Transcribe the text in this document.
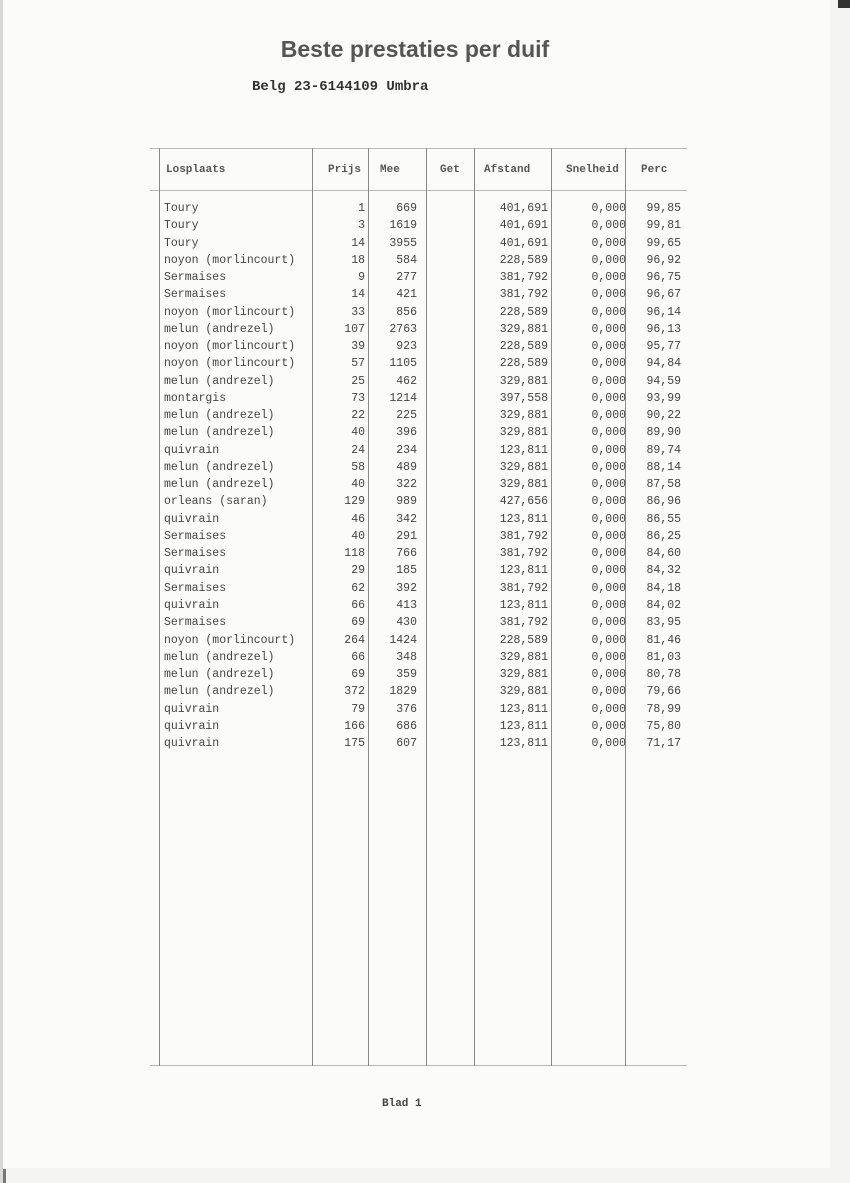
Beste prestaties per duif
Belg 23-6144109 Umbra
Losplaats	Prijs Mee	Get Afstand	Snelheid Perc
Toury	1	669	401,691	0,000 99,85
Toury	3 1619	401,691	0,000 99,81
Toury	14 3955	401,691	0,000 99,65
noyon (morlincourt)	18	584	228,589	0,000 96,92
Sermaises	9	277	381,792	0,000 96,75
Sermaises	14	421	381,792	0,000 96,67
noyon (morlincourt)	33	856	228,589	0,000 96,14
melun (andrezel)	107 2763	329,881	0,000 96,13
noyon (morlincourt)	39	923	228,589	0,000 95,77
noyon (morlincourt)	57 1105	228,589	0,000 94,84
melun (andrezel)	25	462	329,881	0,000 94,59
montargis	73 1214	397,558	0,000 93,99
melun (andrezel)	22	225	329,881	0,000 90,22
melun (andrezel)	40	396	329,881	0,000 89,90
quivrain	24	234	123,811	0,000 89,74
melun (andrezel)	58	489	329,881	0,000 88,14
melun (andrezel)	40	322	329,881	0,000 87,58
orleans (saran)	129	989	427,656	0,000 86,96
quivrain	46	342	123,811	0,000 86,55
Sermaises	40	291	381,792	0,000 86,25
Sermaises	118	766	381,792	0,000 84,60
quivrain	29	185	123,811	0,000 84,32
Sermaises	62	392	381,792	0,000 84,18
quivrain	66	413	123,811	0,000 84,02
Sermaises	69	430	381,792	0,000 83,95
noyon (morlincourt)	264 1424	228,589	0,000 81,46
melun (andrezel)	66	348	329,881	0,000 81,03
melun (andrezel)	69	359	329,881	0,000 80,78
melun (andrezel)	372 1829	329,881	0,000 79,66
quivrain	79	376	123,811	0,000 78,99
quivrain	166	686	123,811	0,000 75,80
quivrain	175	607	123,811	0,000 71,17
Blad 1
